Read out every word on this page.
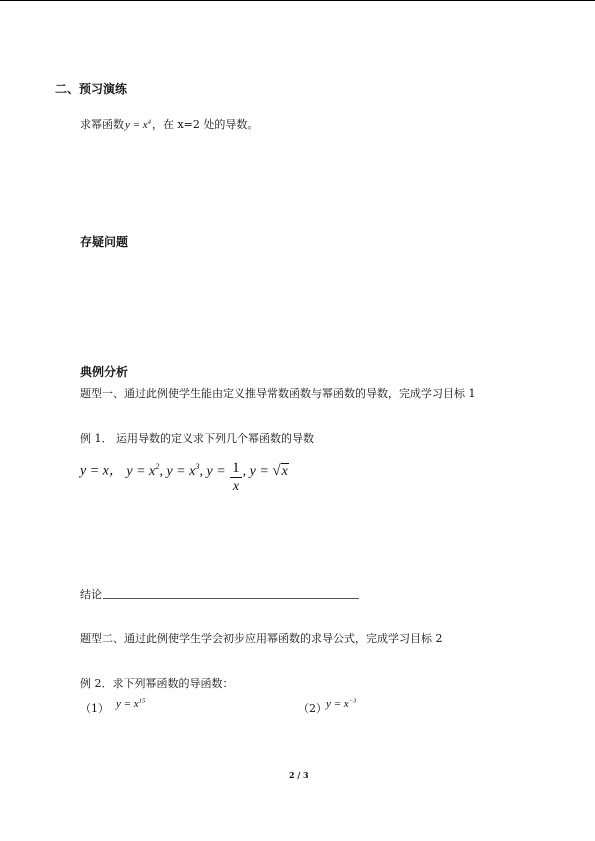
二、预习演练
求幂函数$y = x^4$，在 x=2 处的导数。
存疑问题
典例分析
题型一、通过此例使学生能由定义推导常数函数与幂函数的导数，完成学习目标 1
例 1． 运用导数的定义求下列几个幂函数的导数
y = x， $y = x^2$, $y = x^3$, $y = \frac{1}{x}$ , y = √x
结论
题型二、通过此例使学生学会初步应用幂函数的求导公式，完成学习目标 2
例 2．求下列幂函数的导函数：
（1） $y = x^{15}$
（2） $y = x^{-3}$
2 / 3
